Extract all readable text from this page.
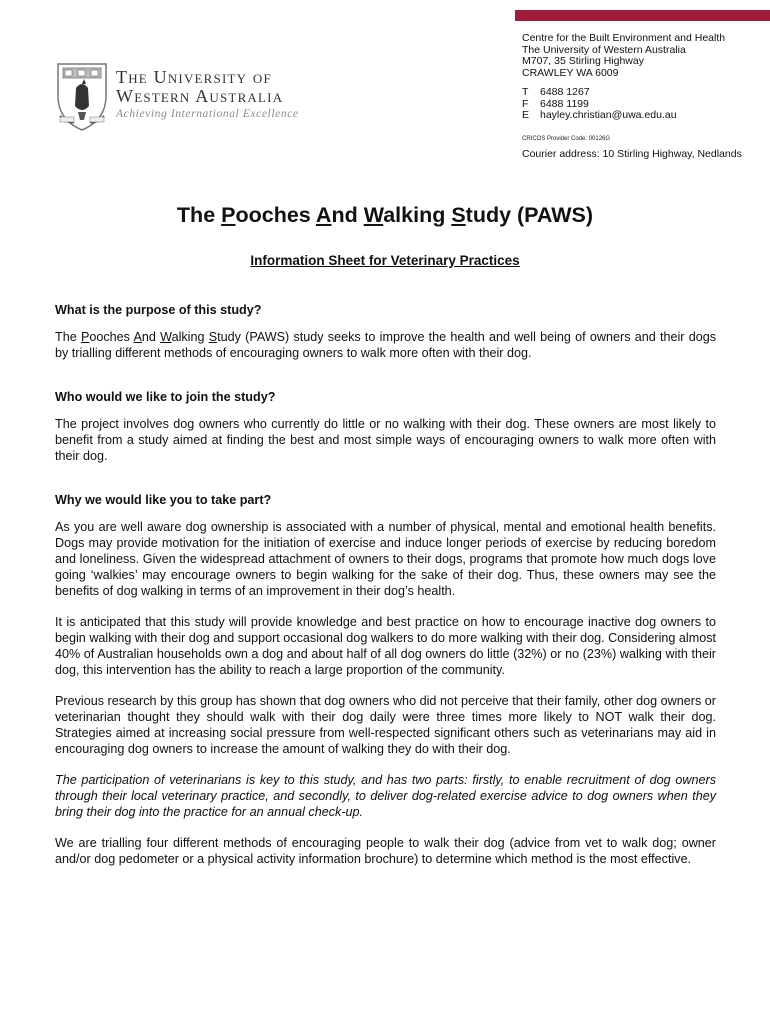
The University of
Western Australia
Achieving International Excellence
Centre for the Built Environment and Health
The University of Western Australia
M707, 35 Stirling Highway
CRAWLEY WA 6009
T 6488 1267
F 6488 1199
E hayley.christian@uwa.edu.au
CRICOS Provider Code: 00126G
Courier address: 10 Stirling Highway, Nedlands
The Pooches And Walking Study (PAWS)
Information Sheet for Veterinary Practices
What is the purpose of this study?

The Pooches And Walking Study (PAWS) study seeks to improve the health and well being of owners and their dogs by trialling different methods of encouraging owners to walk more often with their dog.

Who would we like to join the study?

The project involves dog owners who currently do little or no walking with their dog. These owners are most likely to benefit from a study aimed at finding the best and most simple ways of encouraging owners to walk more often with their dog.

Why we would like you to take part?

As you are well aware dog ownership is associated with a number of physical, mental and emotional health benefits. Dogs may provide motivation for the initiation of exercise and induce longer periods of exercise by reducing boredom and loneliness. Given the widespread attachment of owners to their dogs, programs that promote how much dogs love going ‘walkies’ may encourage owners to begin walking for the sake of their dog. Thus, these owners may see the benefits of dog walking in terms of an improvement in their dog’s health.

It is anticipated that this study will provide knowledge and best practice on how to encourage inactive dog owners to begin walking with their dog and support occasional dog walkers to do more walking with their dog. Considering almost 40% of Australian households own a dog and about half of all dog owners do little (32%) or no (23%) walking with their dog, this intervention has the ability to reach a large proportion of the community.

Previous research by this group has shown that dog owners who did not perceive that their family, other dog owners or veterinarian thought they should walk with their dog daily were three times more likely to NOT walk their dog. Strategies aimed at increasing social pressure from well-respected significant others such as veterinarians may aid in encouraging dog owners to increase the amount of walking they do with their dog.

The participation of veterinarians is key to this study, and has two parts: firstly, to enable recruitment of dog owners through their local veterinary practice, and secondly, to deliver dog-related exercise advice to dog owners when they bring their dog into the practice for an annual check-up.

We are trialling four different methods of encouraging people to walk their dog (advice from vet to walk dog; owner and/or dog pedometer or a physical activity information brochure) to determine which method is the most effective.
